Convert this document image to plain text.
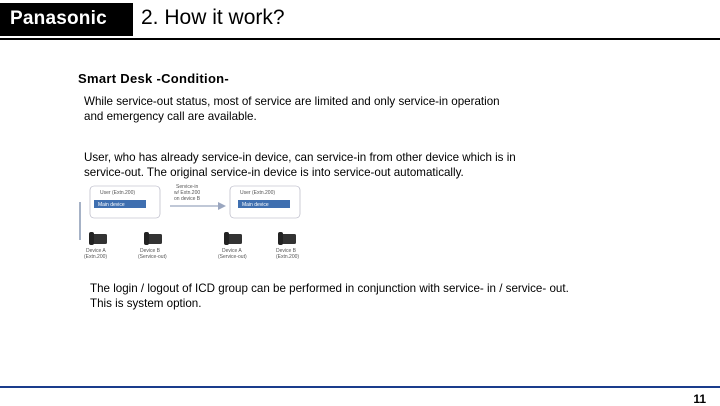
Panasonic 2. How it work?
Smart Desk -Condition-
While service-out status, most of service are limited and only service-in operation and emergency call are available.
User, who has already service-in device, can service-in from other device which is in service-out. The original service-in device is into service-out automatically.
User (Extn.200)
Main device
Device A
(Extn.200)
Device B
(Service-out)
Service-in
w/ Extn.200
on device B
User (Extn.200)
Main device
Device A
(Service-out)
Device B
(Extn.200)
The login / logout of ICD group can be performed in conjunction with service- in / service- out. This is system option.
11
